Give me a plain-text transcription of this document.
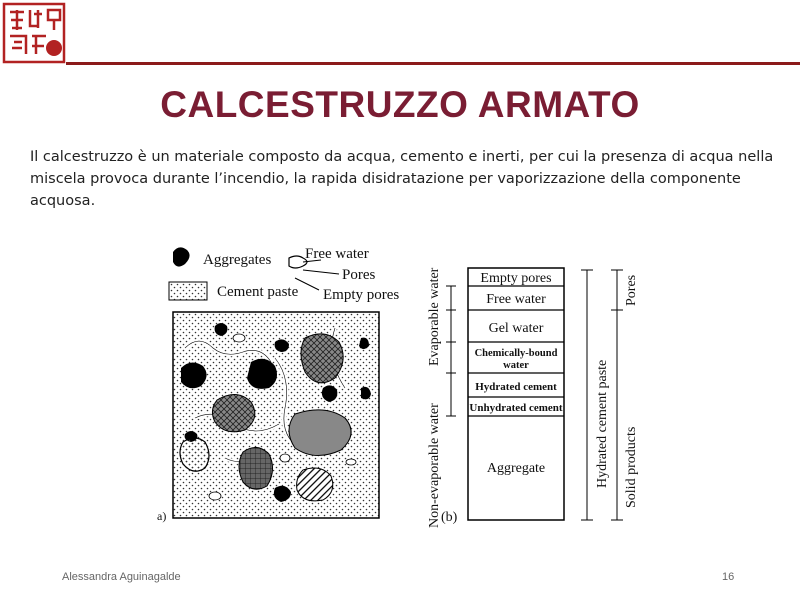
CALCESTRUZZO ARMATO
Il calcestruzzo è un materiale composto da acqua, cemento e inerti, per cui la presenza di acqua nella miscela provoca durante l’incendio, la rapida disidratazione per vaporizzazione della componente acquosa.
Aggregates
Cement paste
Free water
Pores
Empty pores
a)
Empty pores
Free water
Gel water
Chemically-bound
water
Hydrated cement
Unhydrated cement
Aggregate
Evaporable water
Non-evaporable water (b)
Hydrated cement paste
Pores
Solid products
Alessandra Aguinagalde	16
